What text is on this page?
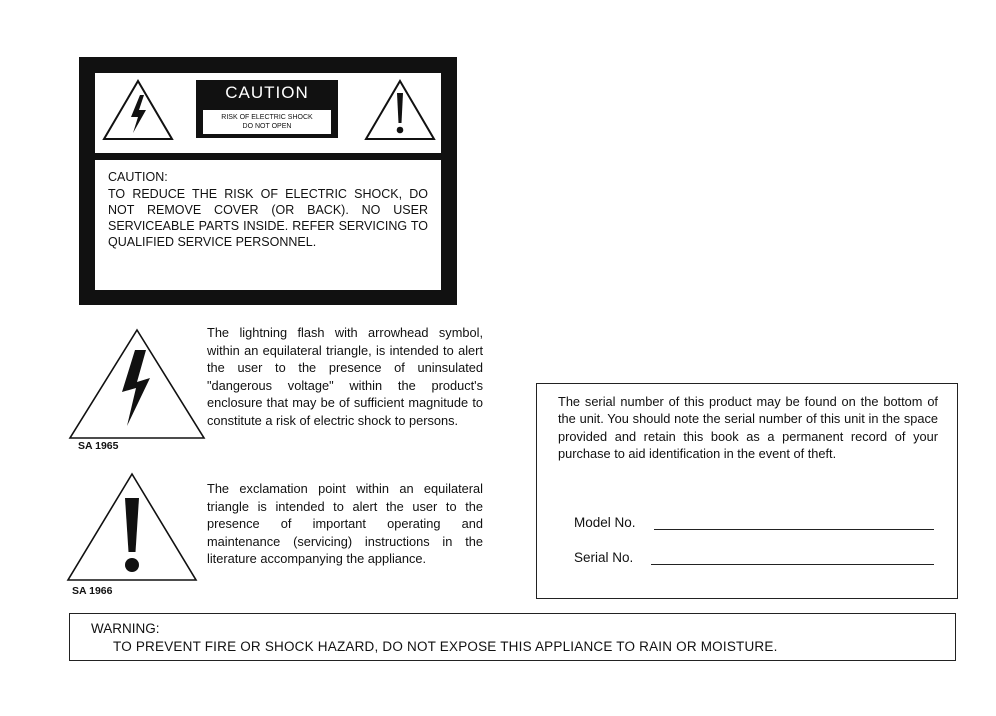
CAUTION
RISK OF ELECTRIC SHOCK
DO NOT OPEN
CAUTION:
TO REDUCE THE RISK OF ELECTRIC SHOCK, DO NOT REMOVE COVER (OR BACK). NO USER SERVICEABLE PARTS INSIDE. REFER SERVICING TO QUALIFIED SERVICE PERSONNEL.
SA 1965
The lightning flash with arrowhead symbol, within an equilateral triangle, is intended to alert the user to the presence of uninsulated "dangerous voltage" within the product's enclosure that may be of sufficient magnitude to constitute a risk of electric shock to persons.
SA 1966
The exclamation point within an equilateral triangle is intended to alert the user to the presence of important operating and maintenance (servicing) instructions in the literature accompanying the appliance.
The serial number of this product may be found on the bottom of the unit. You should note the serial number of this unit in the space provided and retain this book as a permanent record of your purchase to aid identification in the event of theft.
Model No.
Serial No.
WARNING:
TO PREVENT FIRE OR SHOCK HAZARD, DO NOT EXPOSE THIS APPLIANCE TO RAIN OR MOISTURE.
